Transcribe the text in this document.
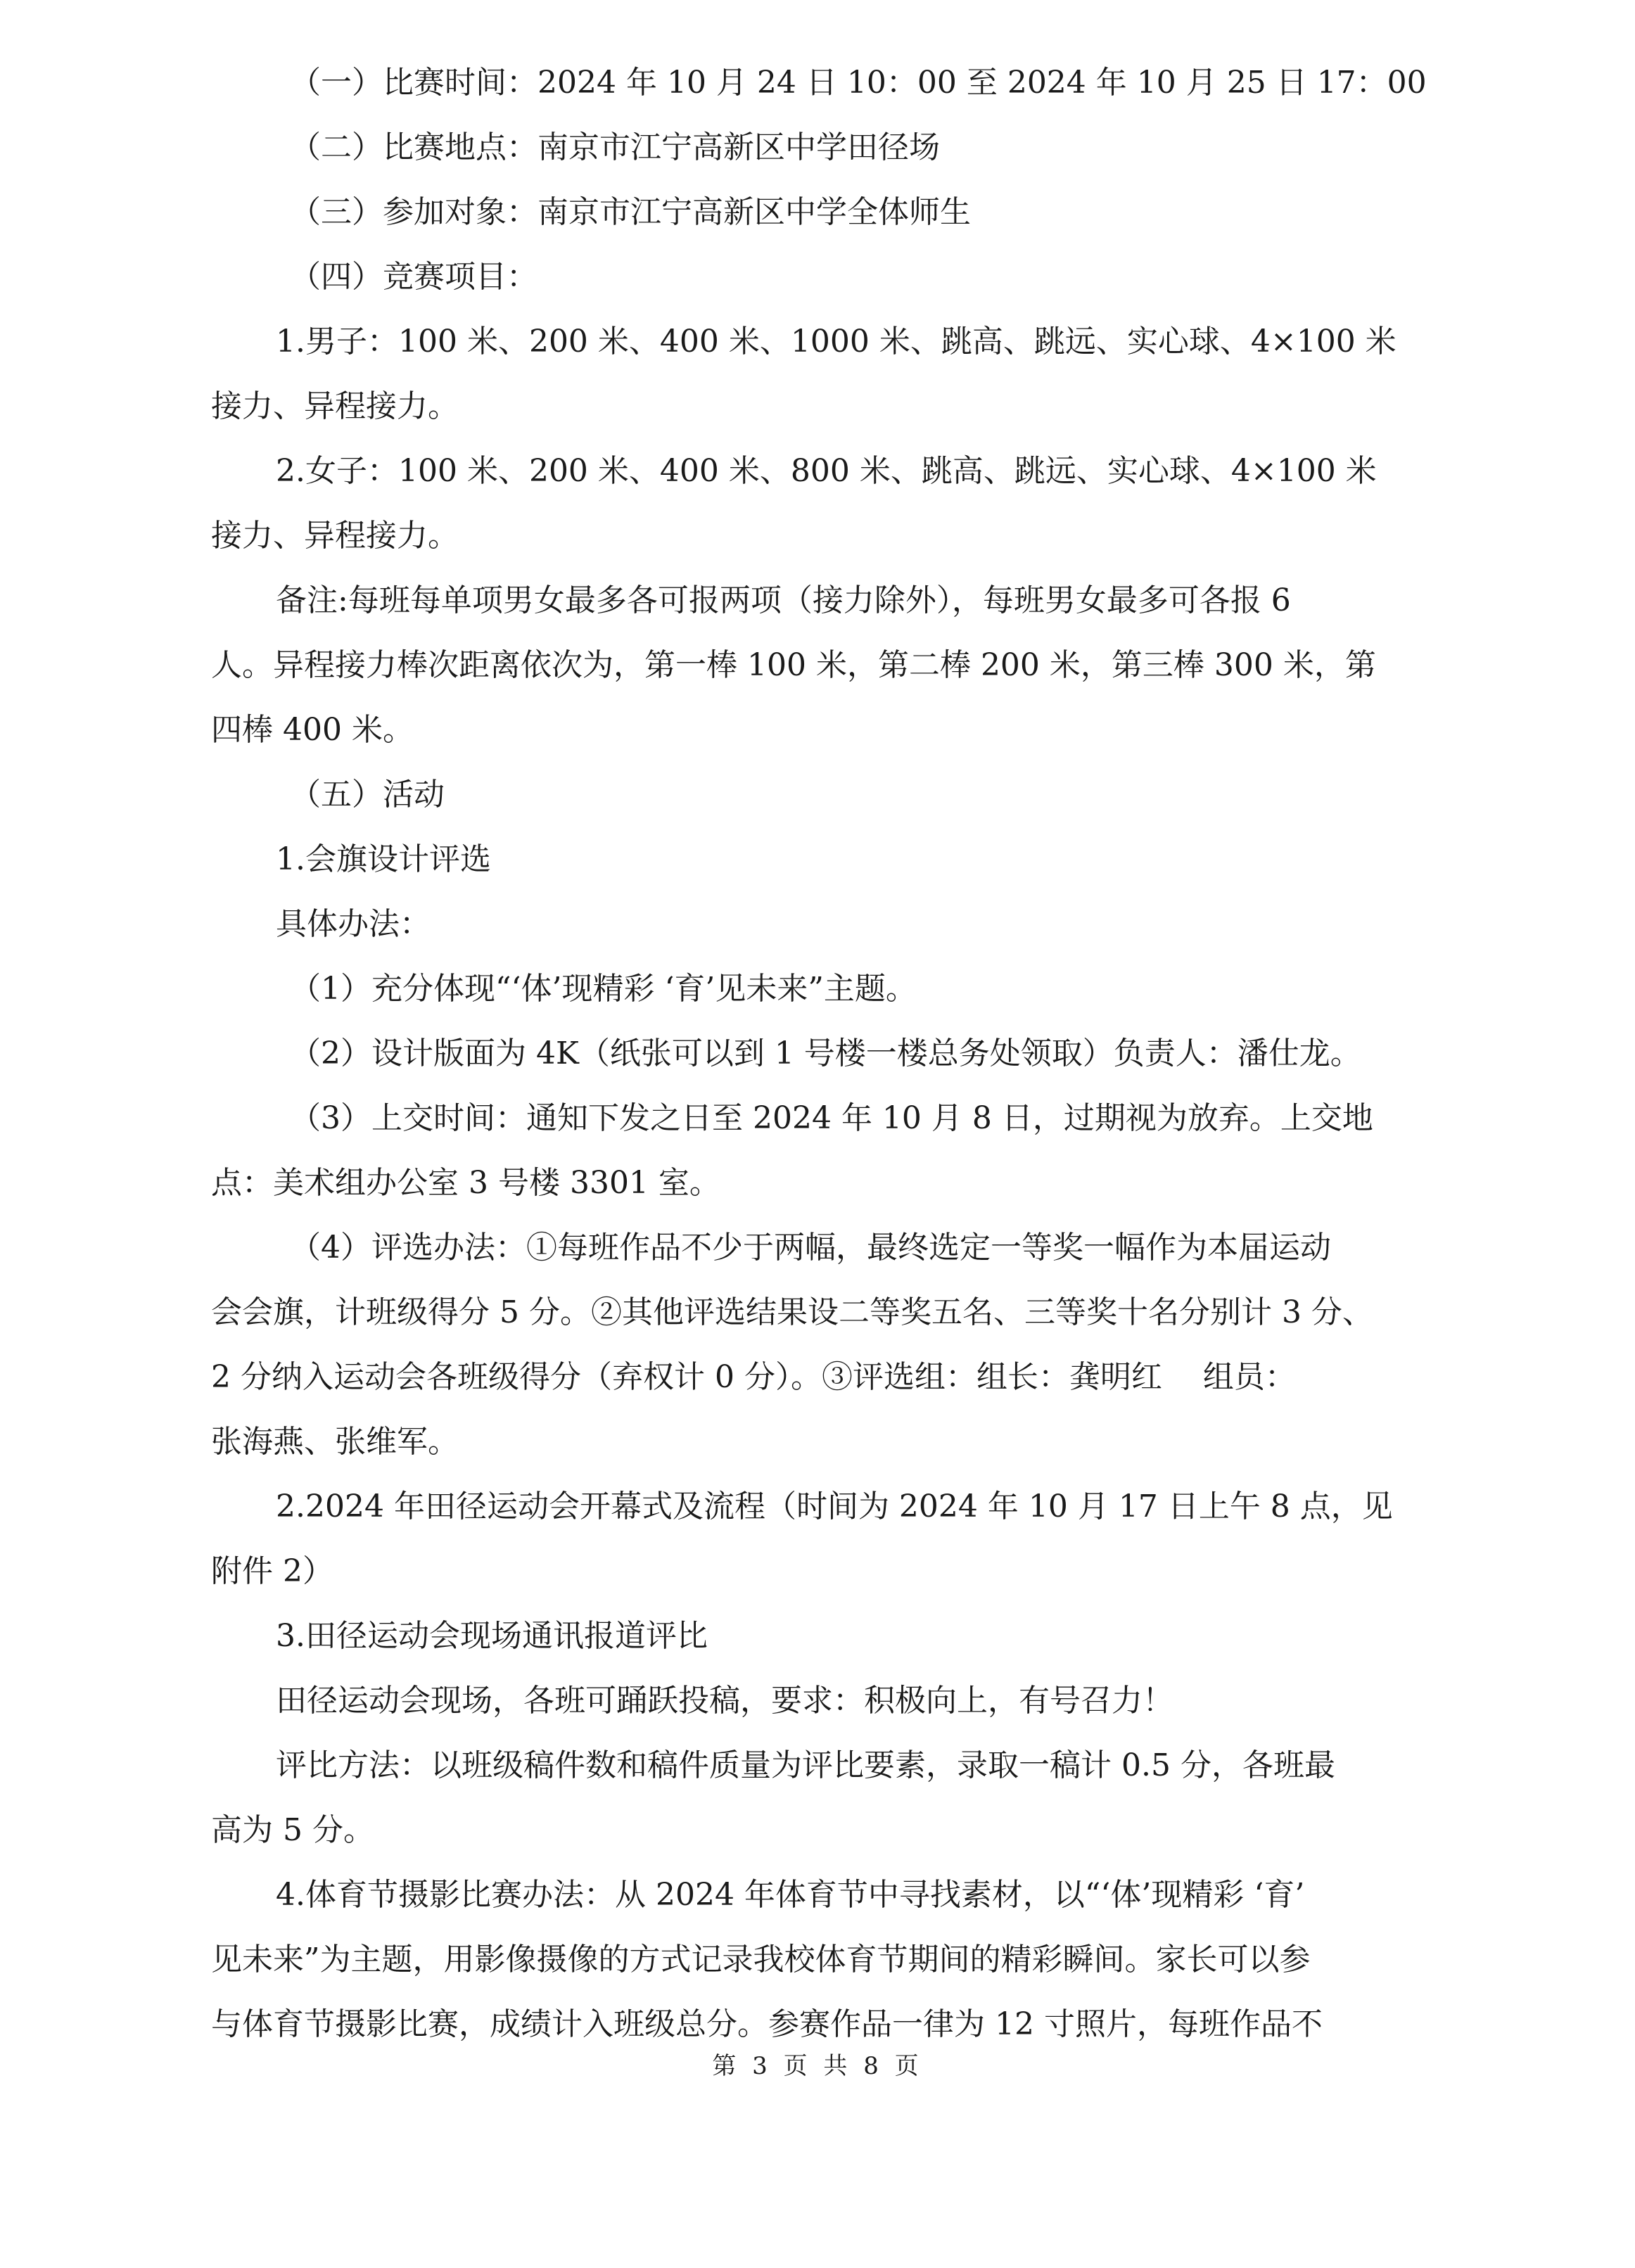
（一）比赛时间：2024 年 10 月 24 日 10：00 至 2024 年 10 月 25 日 17：00
（二）比赛地点：南京市江宁高新区中学田径场
（三）参加对象：南京市江宁高新区中学全体师生
（四）竞赛项目：
1.男子：100 米、200 米、400 米、1000 米、跳高、跳远、实心球、4×100 米
接力、异程接力。
2.女子：100 米、200 米、400 米、800 米、跳高、跳远、实心球、4×100 米
接力、异程接力。
备注:每班每单项男女最多各可报两项（接力除外），每班男女最多可各报 6
人。异程接力棒次距离依次为，第一棒 100 米，第二棒 200 米，第三棒 300 米，第
四棒 400 米。
（五）活动
1.会旗设计评选
具体办法：
（1）充分体现“‘体’现精彩 ‘育’见未来”主题。
（2）设计版面为 4K（纸张可以到 1 号楼一楼总务处领取）负责人：潘仕龙。
（3）上交时间：通知下发之日至 2024 年 10 月 8 日，过期视为放弃。上交地
点：美术组办公室 3 号楼 3301 室。
（4）评选办法：①每班作品不少于两幅，最终选定一等奖一幅作为本届运动
会会旗，计班级得分 5 分。②其他评选结果设二等奖五名、三等奖十名分别计 3 分、
2 分纳入运动会各班级得分（弃权计 0 分）。③评选组：组长：龚明红　 组员：
张海燕、张维军。
2.2024 年田径运动会开幕式及流程（时间为 2024 年 10 月 17 日上午 8 点，见
附件 2）
3.田径运动会现场通讯报道评比
田径运动会现场，各班可踊跃投稿，要求：积极向上，有号召力！
评比方法：以班级稿件数和稿件质量为评比要素，录取一稿计 0.5 分，各班最
高为 5 分。
4.体育节摄影比赛办法：从 2024 年体育节中寻找素材，以“‘体’现精彩 ‘育’
见未来”为主题，用影像摄像的方式记录我校体育节期间的精彩瞬间。家长可以参
与体育节摄影比赛，成绩计入班级总分。参赛作品一律为 12 寸照片，每班作品不
第 3 页 共 8 页
